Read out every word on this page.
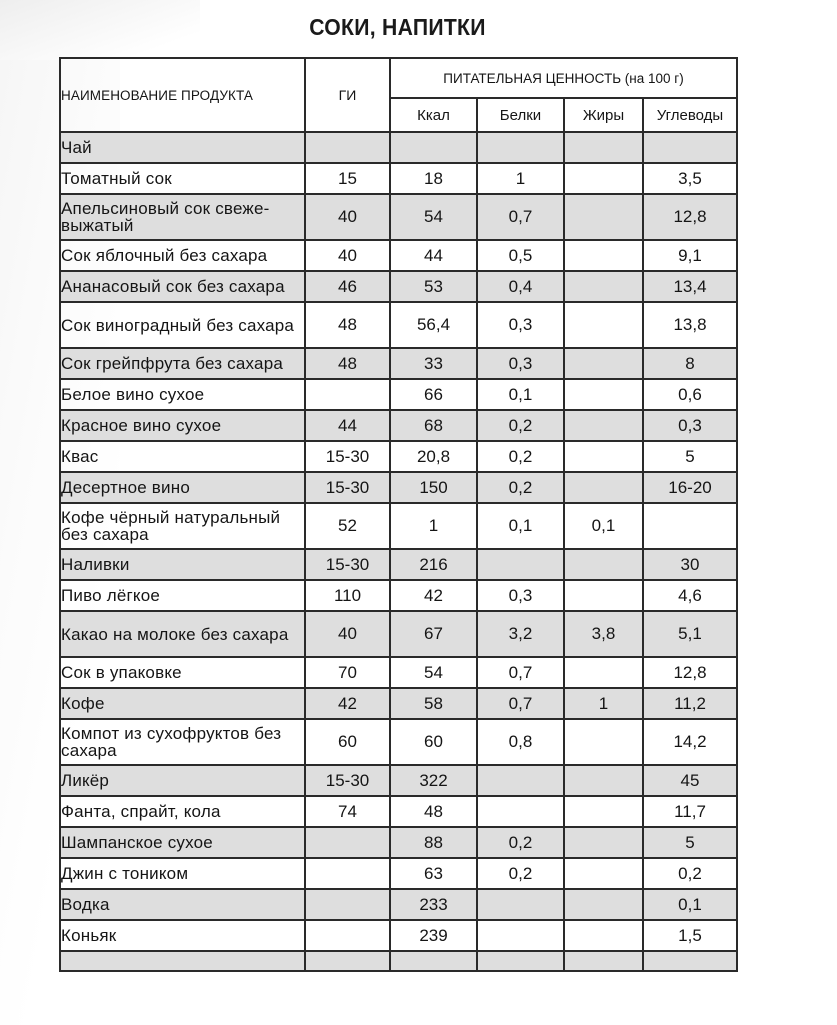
СОКИ, НАПИТКИ
НАИМЕНОВАНИЕ ПРОДУКТА	ГИ	ПИТАТЕЛЬНАЯ ЦЕННОСТЬ (на 100 г)			
		Ккал	Белки	Жиры	Углеводы
Чай					
Томатный сок	15	18	1		3,5
Апельсиновый сок свеже-выжатый	40	54	0,7		12,8
Сок яблочный без сахара	40	44	0,5		9,1
Ананасовый сок без сахара	46	53	0,4		13,4
Сок виноградный без сахара	48	56,4	0,3		13,8
Сок грейпфрута без сахара	48	33	0,3		8
Белое вино сухое		66	0,1		0,6
Красное вино сухое	44	68	0,2		0,3
Квас	15-30	20,8	0,2		5
Десертное вино	15-30	150	0,2		16-20
Кофе чёрный натуральный без сахара	52	1	0,1	0,1	
Наливки	15-30	216			30
Пиво лёгкое	110	42	0,3		4,6
Какао на молоке без сахара	40	67	3,2	3,8	5,1
Сок в упаковке	70	54	0,7		12,8
Кофе	42	58	0,7	1	11,2
Компот из сухофруктов без сахара	60	60	0,8		14,2
Ликёр	15-30	322			45
Фанта, спрайт, кола	74	48			11,7
Шампанское сухое		88	0,2		5
Джин с тоником		63	0,2		0,2
Водка		233			0,1
Коньяк		239			1,5
